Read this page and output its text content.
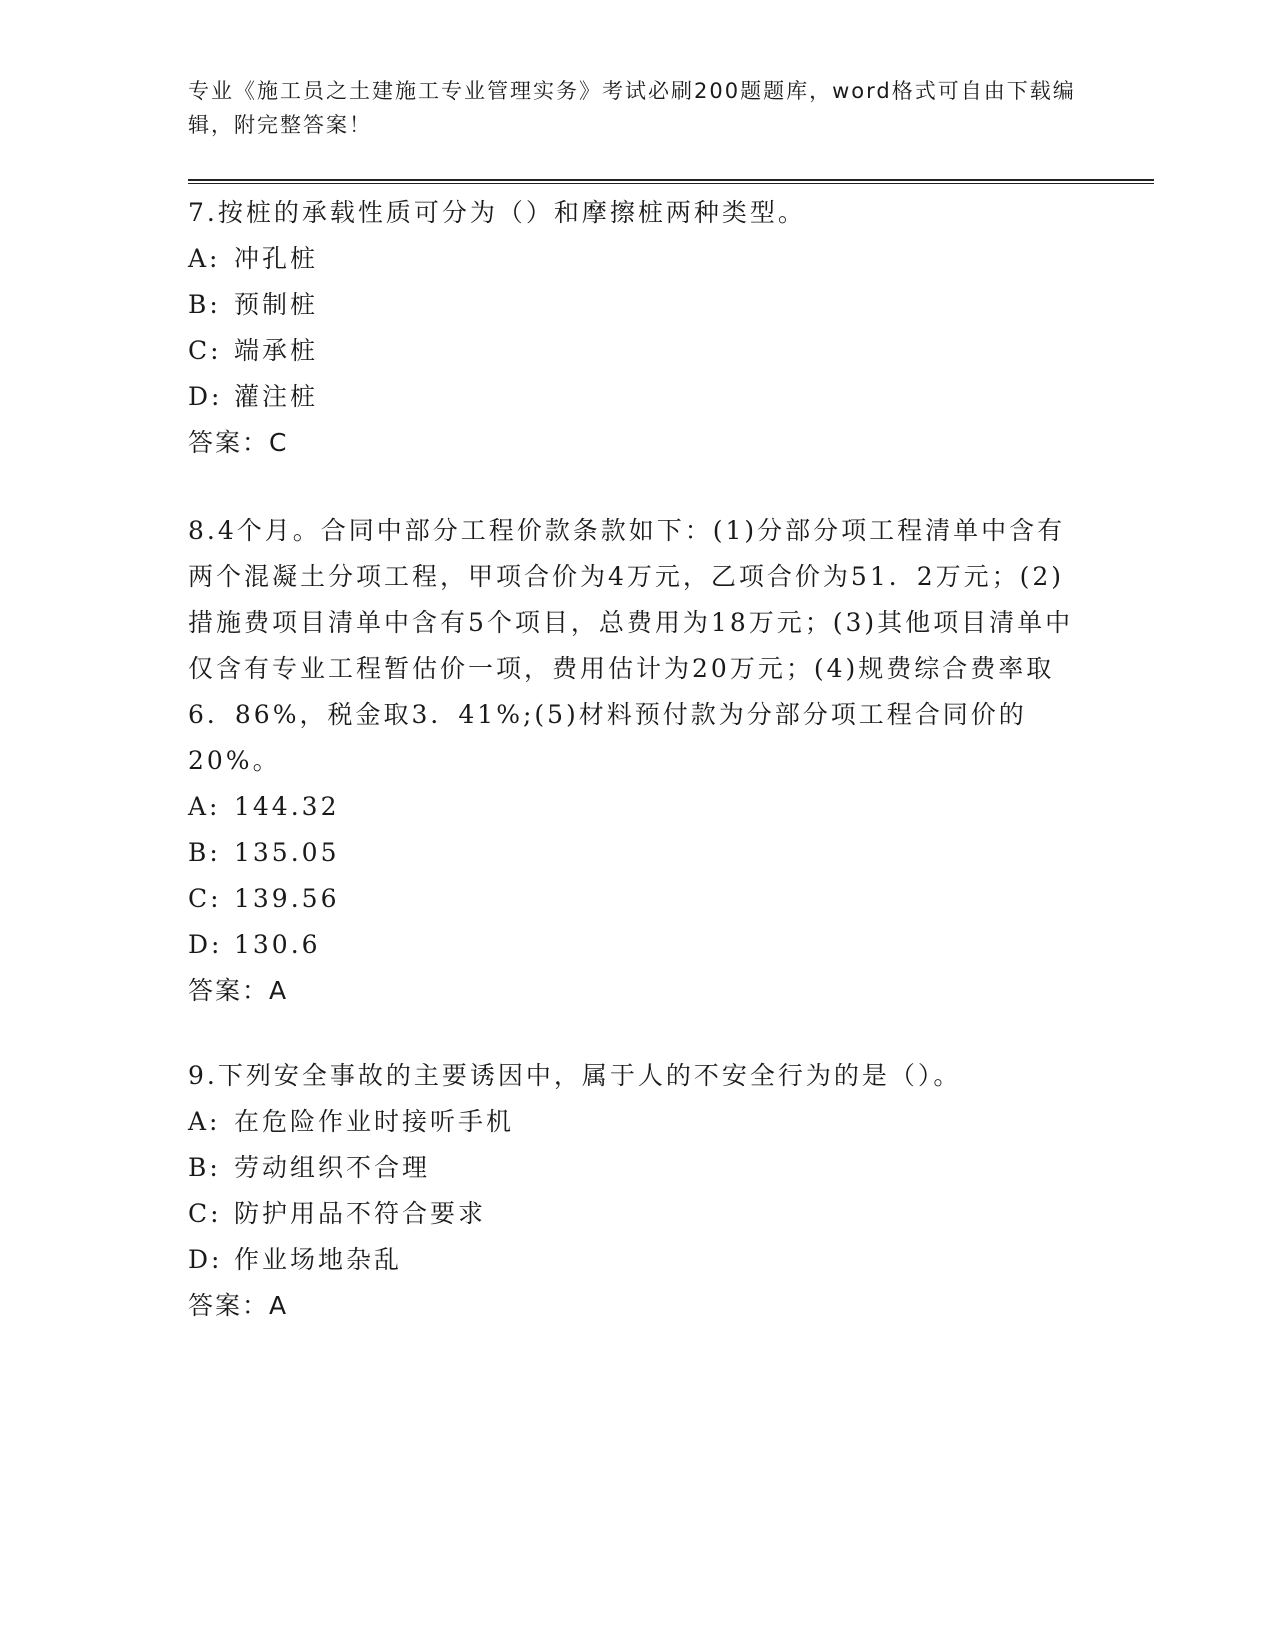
专业《施工员之土建施工专业管理实务》考试必刷200题题库，word格式可自由下载编辑，附完整答案！

7.按桩的承载性质可分为（）和摩擦桩两种类型。

A: 冲孔桩

B: 预制桩

C: 端承桩

D: 灌注桩

答案：C

8.4个月。合同中部分工程价款条款如下：(1)分部分项工程清单中含有两个混凝土分项工程，甲项合价为4万元，乙项合价为51．2万元；(2)措施费项目清单中含有5个项目，总费用为18万元；(3)其他项目清单中仅含有专业工程暂估价一项，费用估计为20万元；(4)规费综合费率取6．86%，税金取3．41%;(5)材料预付款为分部分项工程合同价的20%。

A: 144.32

B: 135.05

C: 139.56

D: 130.6

答案：A

9.下列安全事故的主要诱因中，属于人的不安全行为的是（）。

A: 在危险作业时接听手机

B: 劳动组织不合理

C: 防护用品不符合要求

D: 作业场地杂乱

答案：A
